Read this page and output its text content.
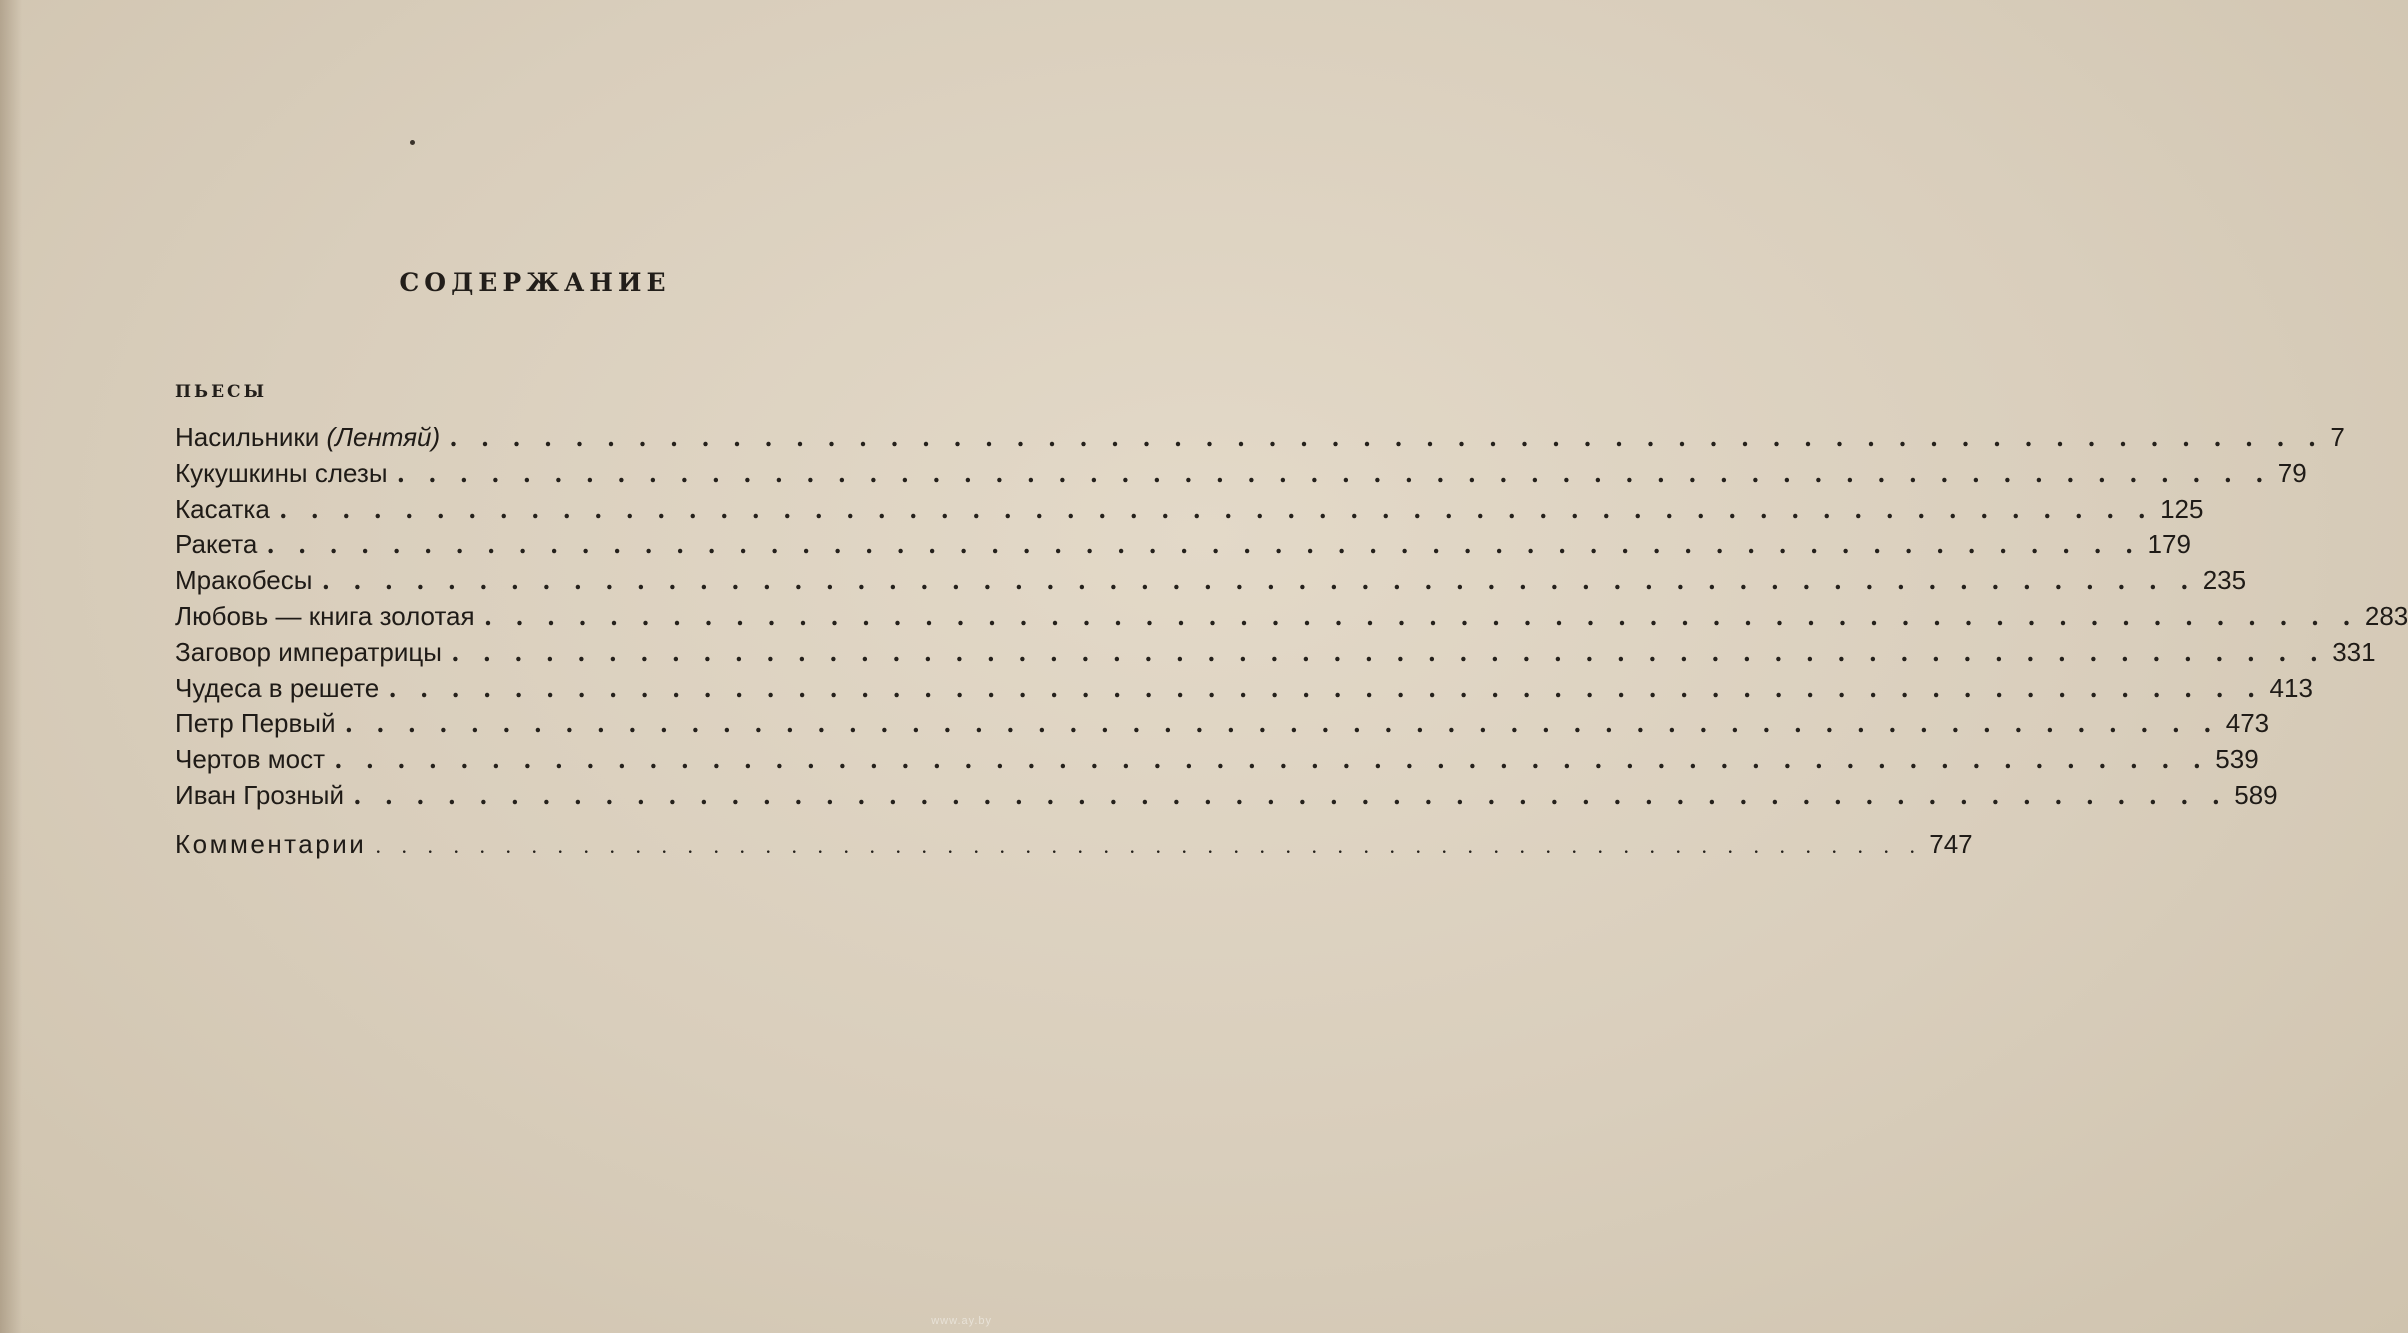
СОДЕРЖАНИЕ
ПЬЕСЫ
Насильники (Лентяй) . . . . . . . . . . . . . . . . . . . . . . . . . . . . . . . . . . . . . . . . . . . . . . . . . . . . . . . . . . . . 7
Кукушкины слезы . . . . . . . . . . . . . . . . . . . . . . . . . . . . . . . . . . . . . . . . . . . . . . . . . . . . . . . . . . . . 79
Касатка . . . . . . . . . . . . . . . . . . . . . . . . . . . . . . . . . . . . . . . . . . . . . . . . . . . . . . . . . . . . 125
Ракета . . . . . . . . . . . . . . . . . . . . . . . . . . . . . . . . . . . . . . . . . . . . . . . . . . . . . . . . . . . . 179
Мракобесы . . . . . . . . . . . . . . . . . . . . . . . . . . . . . . . . . . . . . . . . . . . . . . . . . . . . . . . . . . . . 235
Любовь — книга золотая . . . . . . . . . . . . . . . . . . . . . . . . . . . . . . . . . . . . . . . . . . . . . . . . . . . . . . . . . . . . 283
Заговор императрицы . . . . . . . . . . . . . . . . . . . . . . . . . . . . . . . . . . . . . . . . . . . . . . . . . . . . . . . . . . . . 331
Чудеса в решете . . . . . . . . . . . . . . . . . . . . . . . . . . . . . . . . . . . . . . . . . . . . . . . . . . . . . . . . . . . . 413
Петр Первый . . . . . . . . . . . . . . . . . . . . . . . . . . . . . . . . . . . . . . . . . . . . . . . . . . . . . . . . . . . . 473
Чертов мост . . . . . . . . . . . . . . . . . . . . . . . . . . . . . . . . . . . . . . . . . . . . . . . . . . . . . . . . . . . . 539
Иван Грозный . . . . . . . . . . . . . . . . . . . . . . . . . . . . . . . . . . . . . . . . . . . . . . . . . . . . . . . . . . . . 589
Комментарии . . . . . . . . . . . . . . . . . . . . . . . . . . . . . . . . . . . . . . . . . . . . . . . . . . . . . . . . . . . . 747
www.ay.by
